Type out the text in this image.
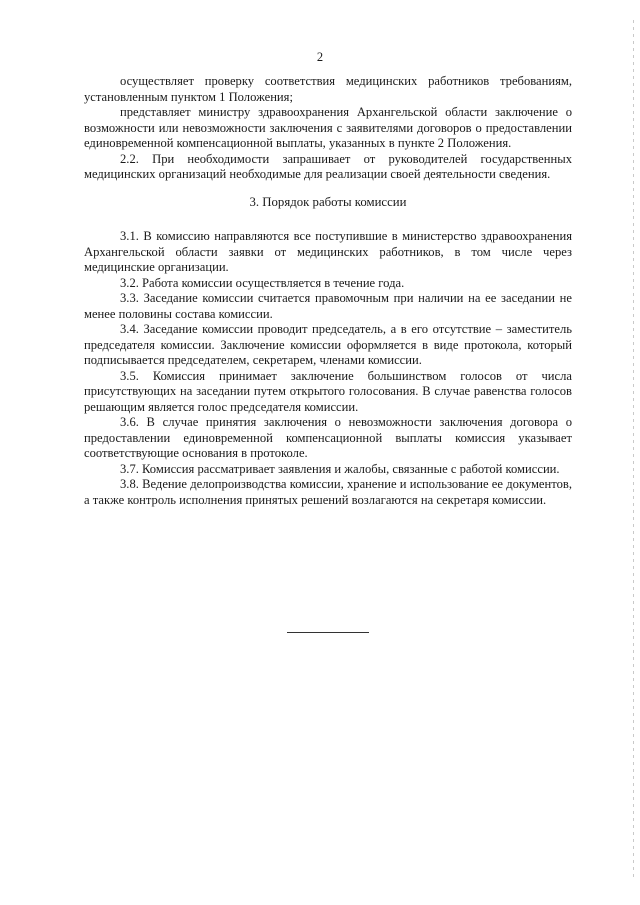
2

осуществляет проверку соответствия медицинских работников требованиям, установленным пунктом 1 Положения;

представляет министру здравоохранения Архангельской области заключение о возможности или невозможности заключения с заявителями договоров о предоставлении единовременной компенсационной выплаты, указанных в пункте 2 Положения.

2.2. При необходимости запрашивает от руководителей государственных медицинских организаций необходимые для реализации своей деятельности сведения.

3. Порядок работы комиссии

3.1. В комиссию направляются все поступившие в министерство здравоохранения Архангельской области заявки от медицинских работников, в том числе через медицинские организации.

3.2. Работа комиссии осуществляется в течение года.

3.3. Заседание комиссии считается правомочным при наличии на ее заседании не менее половины состава комиссии.

3.4. Заседание комиссии проводит председатель, а в его отсутствие – заместитель председателя комиссии. Заключение комиссии оформляется в виде протокола, который подписывается председателем, секретарем, членами комиссии.

3.5. Комиссия принимает заключение большинством голосов от числа присутствующих на заседании путем открытого голосования. В случае равенства голосов решающим является голос председателя комиссии.

3.6. В случае принятия заключения о невозможности заключения договора о предоставлении единовременной компенсационной выплаты комиссия указывает соответствующие основания в протоколе.

3.7. Комиссия рассматривает заявления и жалобы, связанные с работой комиссии.

3.8. Ведение делопроизводства комиссии, хранение и использование ее документов, а также контроль исполнения принятых решений возлагаются на секретаря комиссии.
